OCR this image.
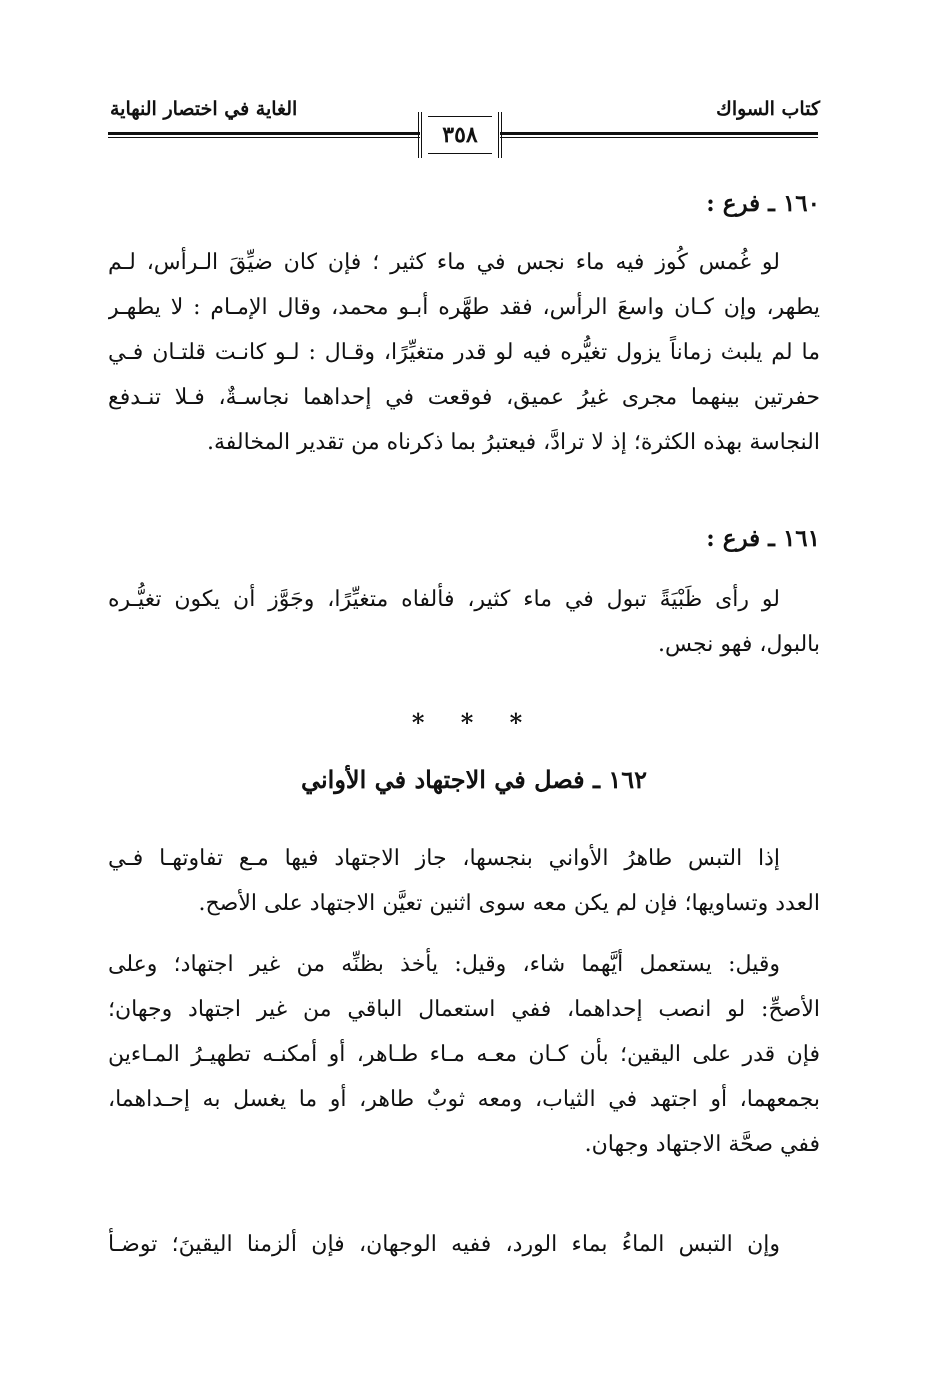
كتاب السواك
الغاية في اختصار النهاية
٣٥٨
١٦٠ ـ فرع :
لو غُمس كُوز فيه ماء نجس في ماء كثير ؛ فإن كان ضيِّقَ الـرأس، لـم
يطهر، وإن كـان واسعَ الرأس، فقد طهَّره أبـو محمد، وقال الإمـام : لا يطهـر
ما لم يلبث زماناً يزول تغيُّره فيه لو قدر متغيِّرًا، وقـال : لـو كانـت قلتـان فـي
حفرتين بينهما مجرى غيرُ عميق، فوقعت في إحداهما نجاسـةٌ، فـلا تنـدفع
النجاسة بهذه الكثرة؛ إذ لا ترادَّ، فيعتبرُ بما ذكرناه من تقدير المخالفة.
١٦١ ـ فرع :
لو رأى ظَبْيَةً تبول في ماء كثير، فألفاه متغيِّرًا، وجَوَّز أن يكون تغيُّـره
بالبول، فهو نجس.
* * *
١٦٢ ـ فصل في الاجتهاد في الأواني
إذا التبس طاهرُ الأواني بنجسها، جاز الاجتهاد فيها مـع تفاوتهـا فـي
العدد وتساويها؛ فإن لم يكن معه سوى اثنين تعيَّن الاجتهاد على الأصح.
وقيل: يستعمل أيَّهما شاء، وقيل: يأخذ بظنِّه من غير اجتهاد؛ وعلى
الأصحِّ: لو انصب إحداهما، ففي استعمال الباقي من غير اجتهاد وجهان؛
فإن قدر على اليقين؛ بأن كـان معـه مـاء طـاهر، أو أمكنـه تطهيـرُ المـاءين
بجمعهما، أو اجتهد في الثياب، ومعه ثوبٌ طاهر، أو ما يغسل به إحـداهما،
ففي صحَّة الاجتهاد وجهان.
وإن التبس الماءُ بماء الورد، ففيه الوجهان، فإن ألزمنا اليقينَ؛ توضـأ
